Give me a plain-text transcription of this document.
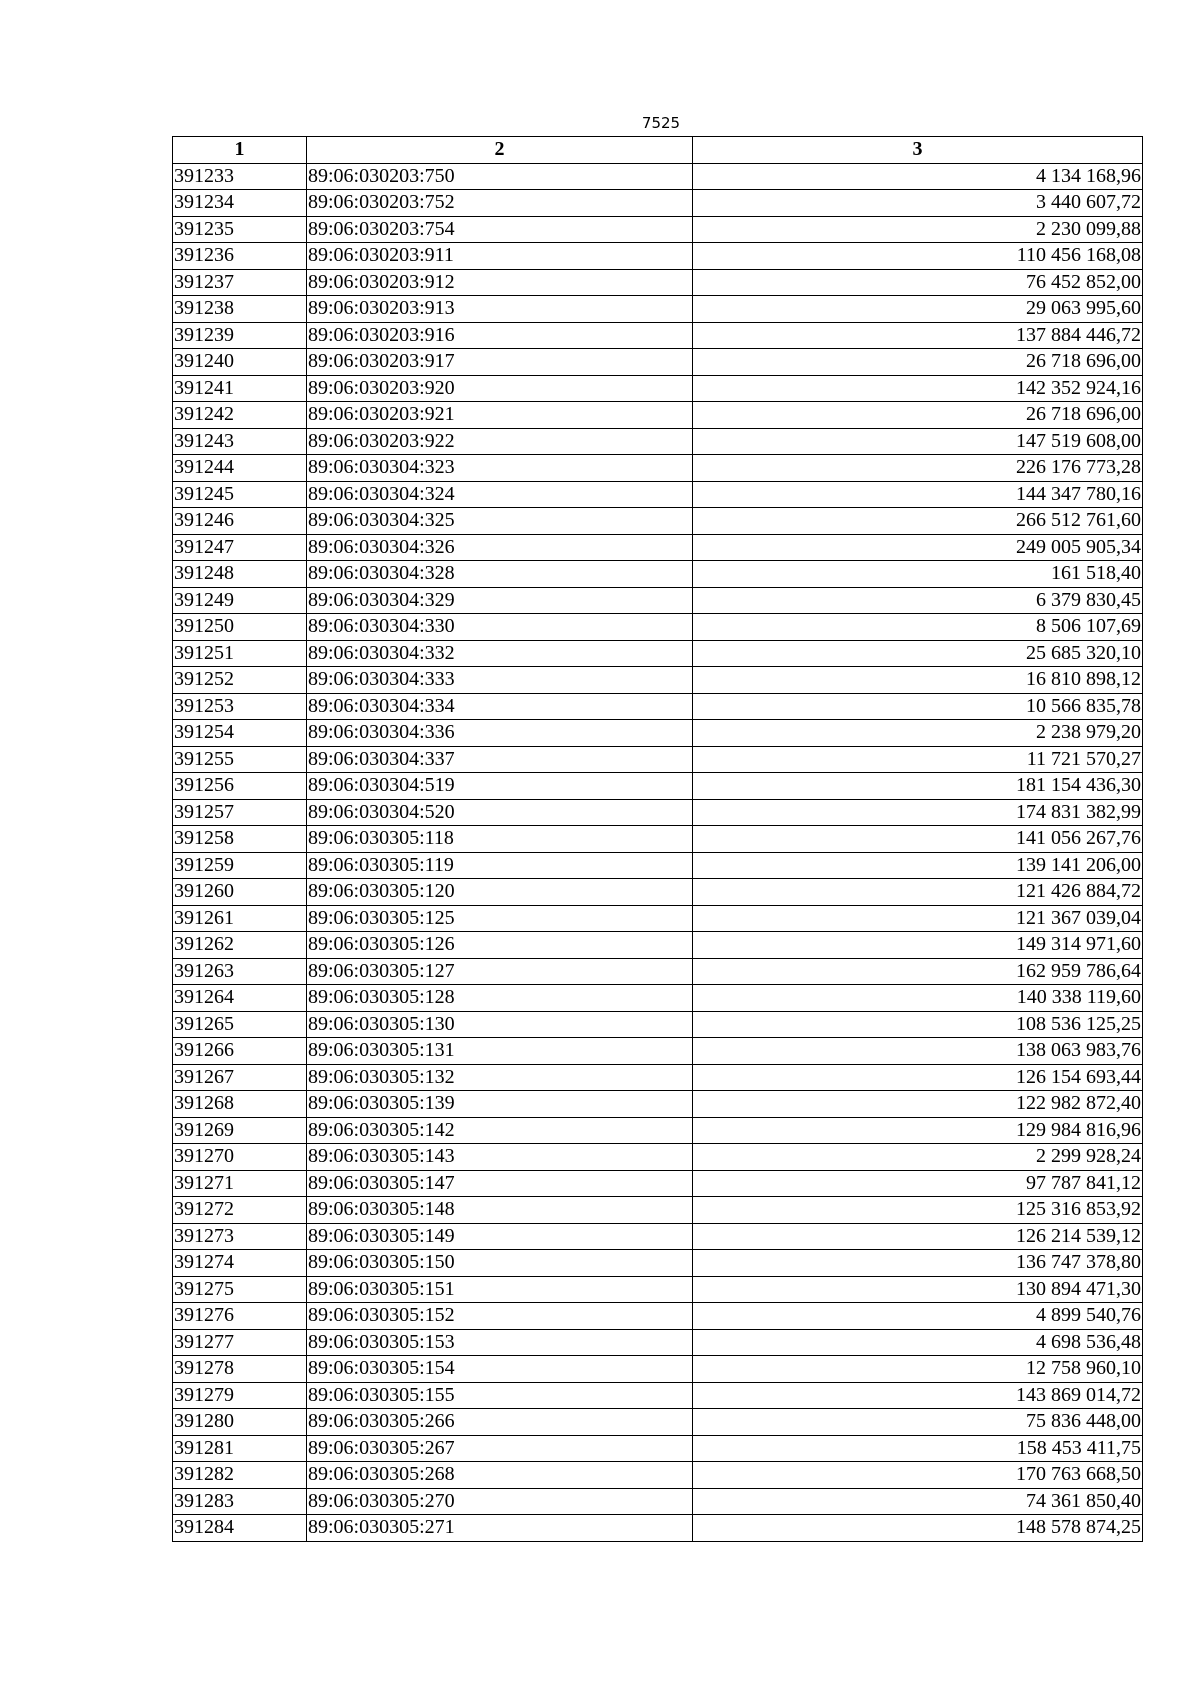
7525
1	2	3
391233	89:06:030203:750	4 134 168,96
391234	89:06:030203:752	3 440 607,72
391235	89:06:030203:754	2 230 099,88
391236	89:06:030203:911	110 456 168,08
391237	89:06:030203:912	76 452 852,00
391238	89:06:030203:913	29 063 995,60
391239	89:06:030203:916	137 884 446,72
391240	89:06:030203:917	26 718 696,00
391241	89:06:030203:920	142 352 924,16
391242	89:06:030203:921	26 718 696,00
391243	89:06:030203:922	147 519 608,00
391244	89:06:030304:323	226 176 773,28
391245	89:06:030304:324	144 347 780,16
391246	89:06:030304:325	266 512 761,60
391247	89:06:030304:326	249 005 905,34
391248	89:06:030304:328	161 518,40
391249	89:06:030304:329	6 379 830,45
391250	89:06:030304:330	8 506 107,69
391251	89:06:030304:332	25 685 320,10
391252	89:06:030304:333	16 810 898,12
391253	89:06:030304:334	10 566 835,78
391254	89:06:030304:336	2 238 979,20
391255	89:06:030304:337	11 721 570,27
391256	89:06:030304:519	181 154 436,30
391257	89:06:030304:520	174 831 382,99
391258	89:06:030305:118	141 056 267,76
391259	89:06:030305:119	139 141 206,00
391260	89:06:030305:120	121 426 884,72
391261	89:06:030305:125	121 367 039,04
391262	89:06:030305:126	149 314 971,60
391263	89:06:030305:127	162 959 786,64
391264	89:06:030305:128	140 338 119,60
391265	89:06:030305:130	108 536 125,25
391266	89:06:030305:131	138 063 983,76
391267	89:06:030305:132	126 154 693,44
391268	89:06:030305:139	122 982 872,40
391269	89:06:030305:142	129 984 816,96
391270	89:06:030305:143	2 299 928,24
391271	89:06:030305:147	97 787 841,12
391272	89:06:030305:148	125 316 853,92
391273	89:06:030305:149	126 214 539,12
391274	89:06:030305:150	136 747 378,80
391275	89:06:030305:151	130 894 471,30
391276	89:06:030305:152	4 899 540,76
391277	89:06:030305:153	4 698 536,48
391278	89:06:030305:154	12 758 960,10
391279	89:06:030305:155	143 869 014,72
391280	89:06:030305:266	75 836 448,00
391281	89:06:030305:267	158 453 411,75
391282	89:06:030305:268	170 763 668,50
391283	89:06:030305:270	74 361 850,40
391284	89:06:030305:271	148 578 874,25
